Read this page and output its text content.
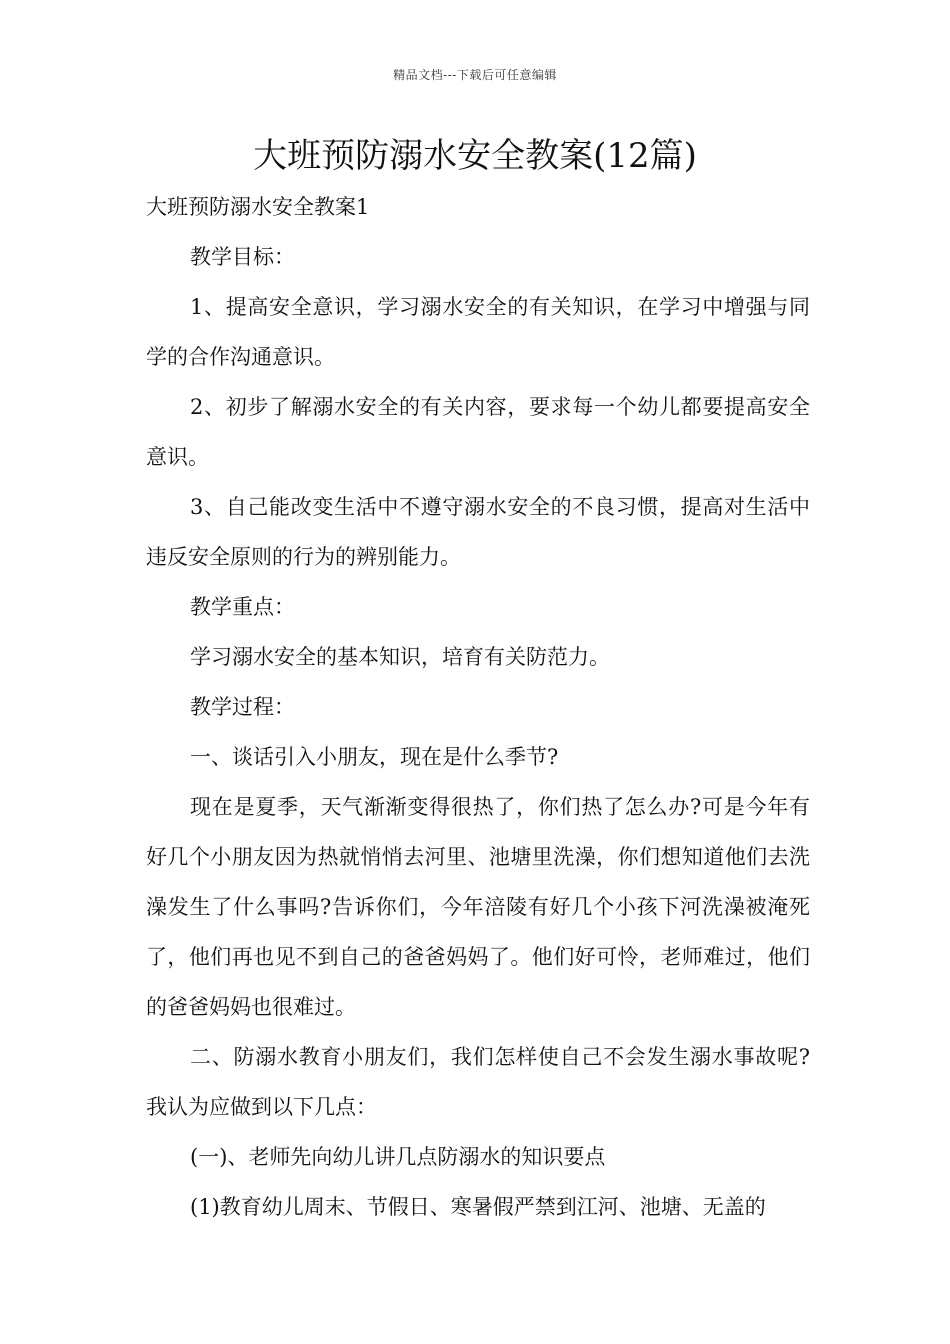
精品文档---下载后可任意编辑
大班预防溺水安全教案(12篇)

大班预防溺水安全教案1

教学目标：

1、提高安全意识，学习溺水安全的有关知识，在学习中增强与同学的合作沟通意识。

2、初步了解溺水安全的有关内容，要求每一个幼儿都要提高安全意识。

3、自己能改变生活中不遵守溺水安全的不良习惯，提高对生活中违反安全原则的行为的辨别能力。

教学重点：

学习溺水安全的基本知识，培育有关防范力。

教学过程：

一、谈话引入小朋友，现在是什么季节?

现在是夏季，天气渐渐变得很热了，你们热了怎么办?可是今年有好几个小朋友因为热就悄悄去河里、池塘里洗澡，你们想知道他们去洗澡发生了什么事吗?告诉你们，今年涪陵有好几个小孩下河洗澡被淹死了，他们再也见不到自己的爸爸妈妈了。他们好可怜，老师难过，他们的爸爸妈妈也很难过。

二、防溺水教育小朋友们，我们怎样使自己不会发生溺水事故呢?我认为应做到以下几点：

(一)、老师先向幼儿讲几点防溺水的知识要点

(1)教育幼儿周末、节假日、寒暑假严禁到江河、池塘、无盖的
